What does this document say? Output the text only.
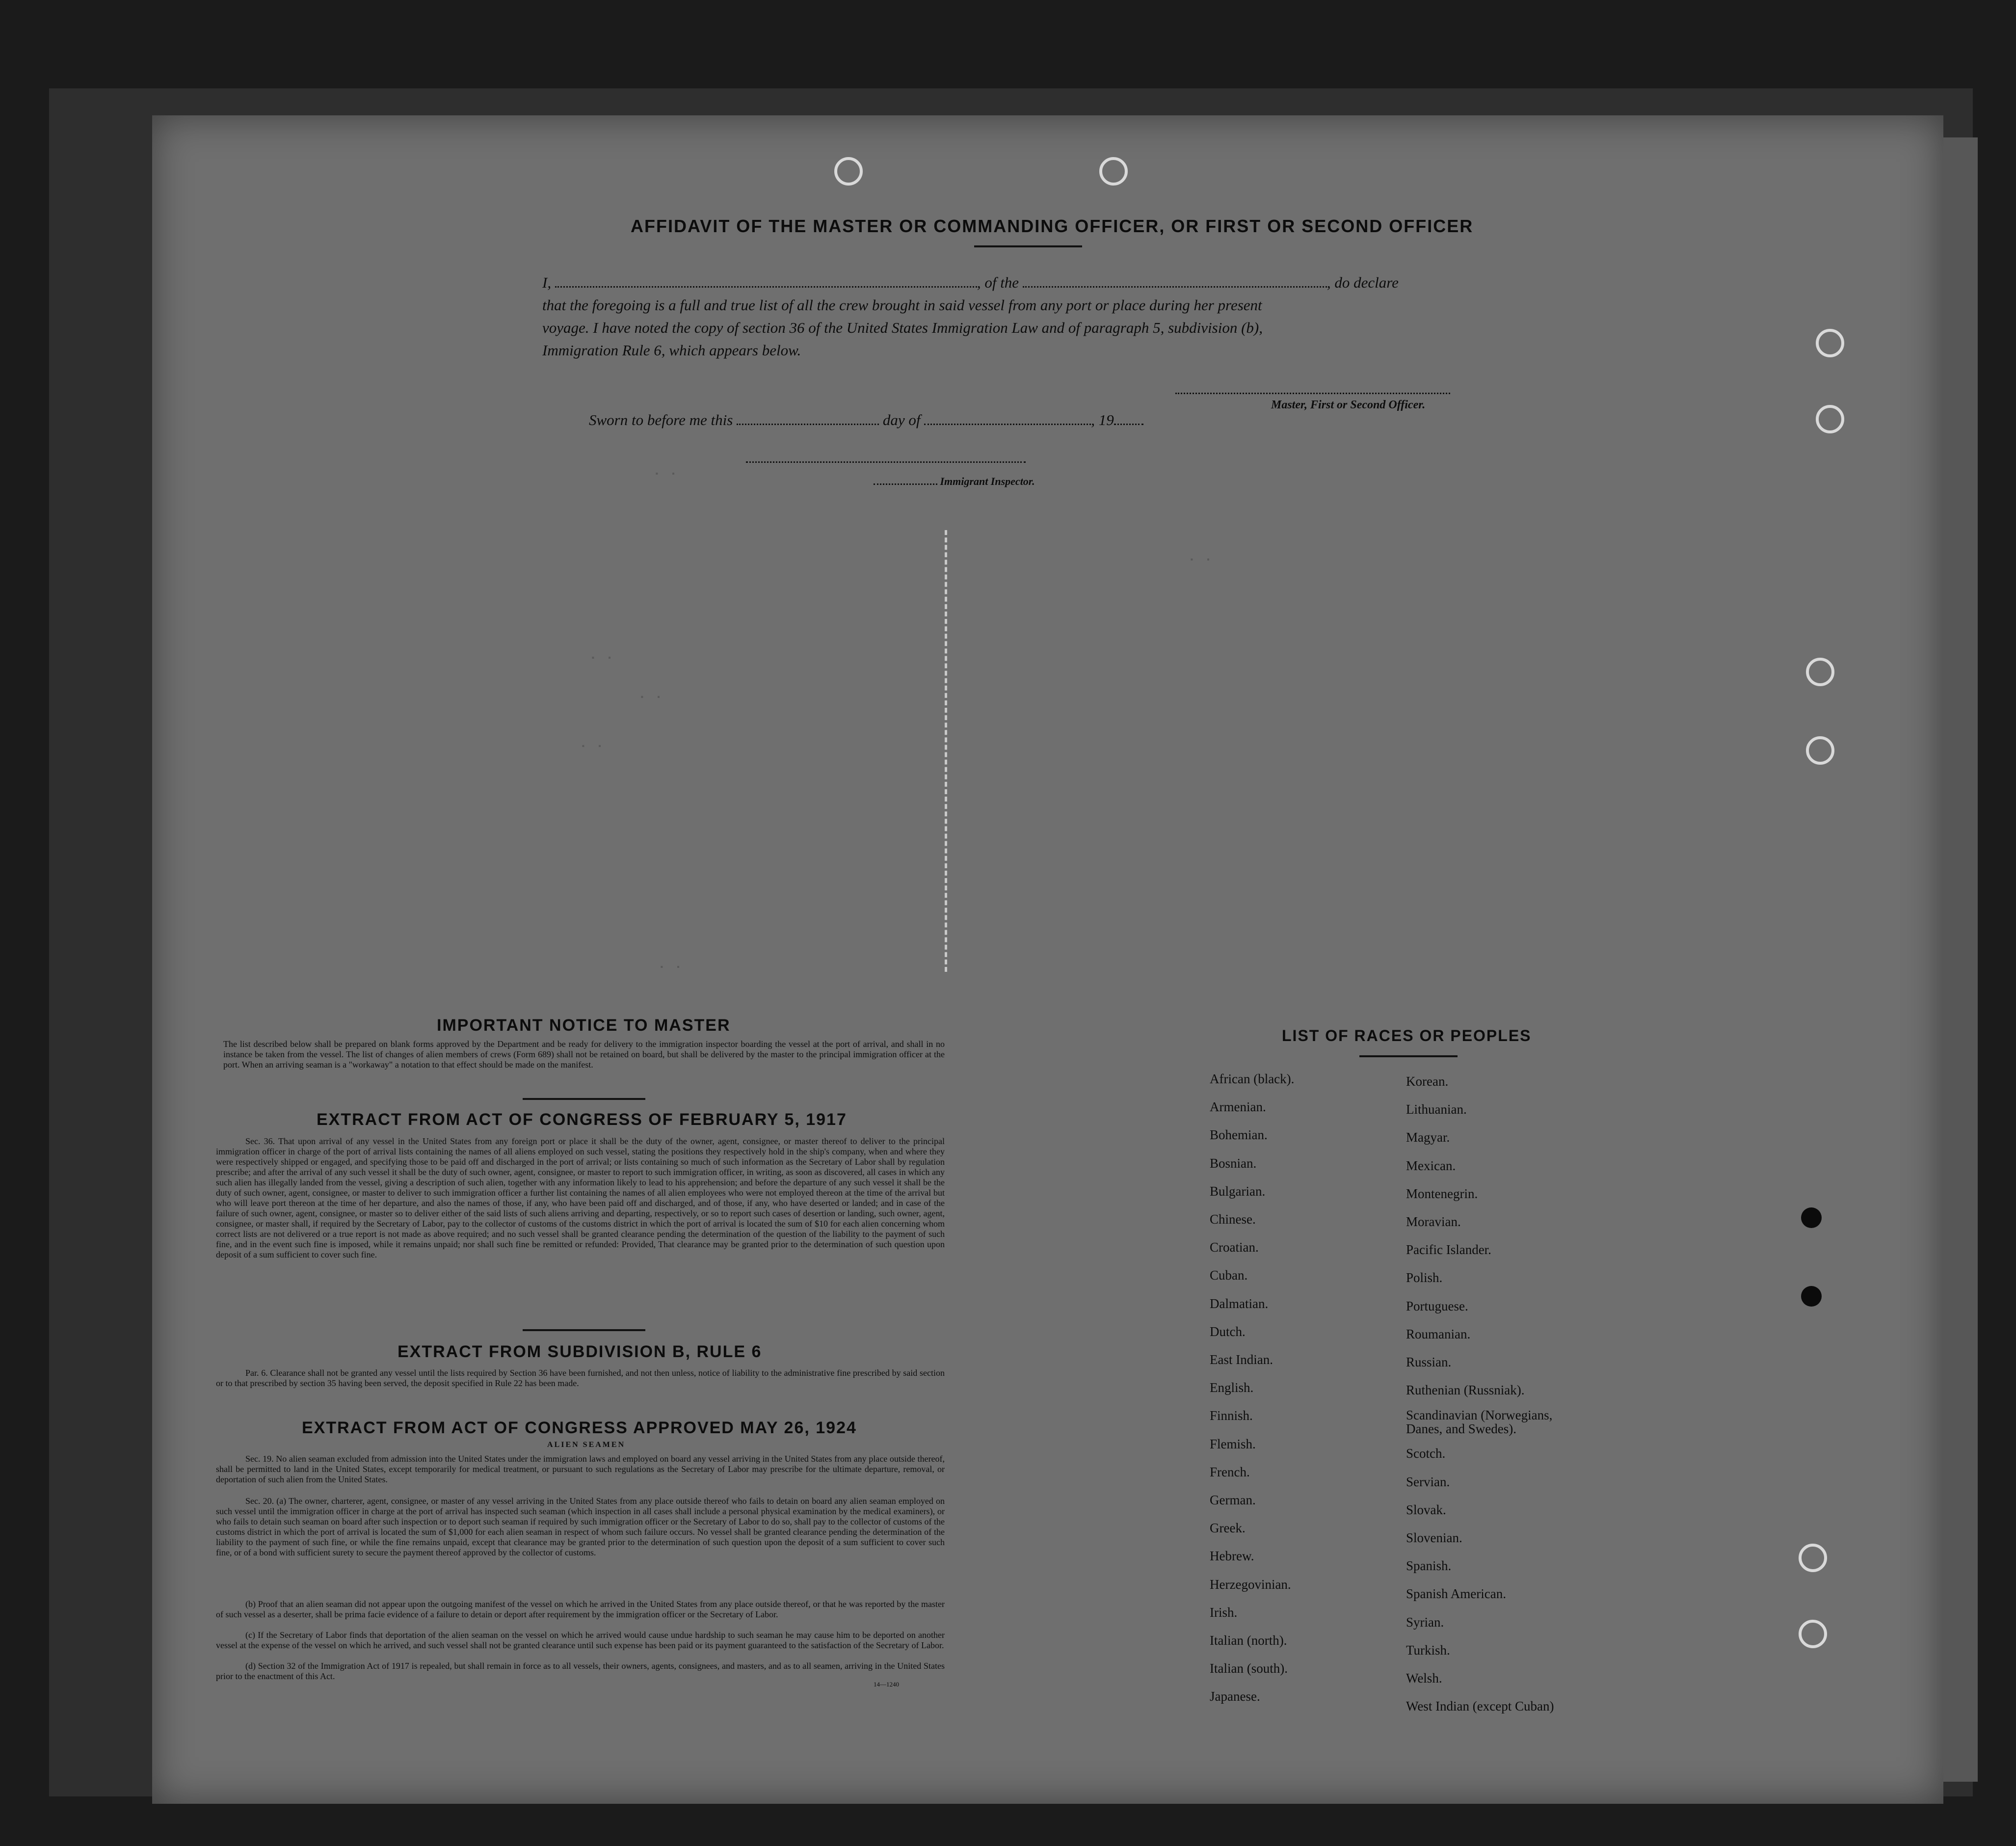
. .
. .
. .
. .
. .
. .
AFFIDAVIT OF THE MASTER OR COMMANDING OFFICER, OR FIRST OR SECOND OFFICER
I,	, of the	, do declare
that the foregoing is a full and true list of all the crew brought in said vessel from any port or place during her present
voyage. I have noted the copy of section 36 of the United States Immigration Law and of paragraph 5, subdivision (b),
Immigration Rule 6, which appears below.
Master, First or Second Officer.
Sworn to before me this	day of	, 19
Immigrant Inspector.
IMPORTANT NOTICE TO MASTER
The list described below shall be prepared on blank forms approved by the Department and be ready for delivery to the immigration inspector boarding the vessel at the port of arrival, and shall in no instance be taken from the vessel. The list of changes of alien members of crews (Form 689) shall not be retained on board, but shall be delivered by the master to the principal immigration officer at the port. When an arriving seaman is a "workaway" a notation to that effect should be made on the manifest.
EXTRACT FROM ACT OF CONGRESS OF FEBRUARY 5, 1917
Sec. 36. That upon arrival of any vessel in the United States from any foreign port or place it shall be the duty of the owner, agent, consignee, or master thereof to deliver to the principal immigration officer in charge of the port of arrival lists containing the names of all aliens employed on such vessel, stating the positions they respectively hold in the ship's company, when and where they were respectively shipped or engaged, and specifying those to be paid off and discharged in the port of arrival; or lists containing so much of such information as the Secretary of Labor shall by regulation prescribe; and after the arrival of any such vessel it shall be the duty of such owner, agent, consignee, or master to report to such immigration officer, in writing, as soon as discovered, all cases in which any such alien has illegally landed from the vessel, giving a description of such alien, together with any information likely to lead to his apprehension; and before the departure of any such vessel it shall be the duty of such owner, agent, consignee, or master to deliver to such immigration officer a further list containing the names of all alien employees who were not employed thereon at the time of the arrival but who will leave port thereon at the time of her departure, and also the names of those, if any, who have been paid off and discharged, and of those, if any, who have deserted or landed; and in case of the failure of such owner, agent, consignee, or master so to deliver either of the said lists of such aliens arriving and departing, respectively, or so to report such cases of desertion or landing, such owner, agent, consignee, or master shall, if required by the Secretary of Labor, pay to the collector of customs of the customs district in which the port of arrival is located the sum of $10 for each alien concerning whom correct lists are not delivered or a true report is not made as above required; and no such vessel shall be granted clearance pending the determination of the question of the liability to the payment of such fine, and in the event such fine is imposed, while it remains unpaid; nor shall such fine be remitted or refunded: Provided, That clearance may be granted prior to the determination of such question upon deposit of a sum sufficient to cover such fine.
EXTRACT FROM SUBDIVISION B, RULE 6
Par. 6. Clearance shall not be granted any vessel until the lists required by Section 36 have been furnished, and not then unless, notice of liability to the administrative fine prescribed by said section or to that prescribed by section 35 having been served, the deposit specified in Rule 22 has been made.
EXTRACT FROM ACT OF CONGRESS APPROVED MAY 26, 1924
ALIEN SEAMEN
Sec. 19. No alien seaman excluded from admission into the United States under the immigration laws and employed on board any vessel arriving in the United States from any place outside thereof, shall be permitted to land in the United States, except temporarily for medical treatment, or pursuant to such regulations as the Secretary of Labor may prescribe for the ultimate departure, removal, or deportation of such alien from the United States.
Sec. 20. (a) The owner, charterer, agent, consignee, or master of any vessel arriving in the United States from any place outside thereof who fails to detain on board any alien seaman employed on such vessel until the immigration officer in charge at the port of arrival has inspected such seaman (which inspection in all cases shall include a personal physical examination by the medical examiners), or who fails to detain such seaman on board after such inspection or to deport such seaman if required by such immigration officer or the Secretary of Labor to do so, shall pay to the collector of customs of the customs district in which the port of arrival is located the sum of $1,000 for each alien seaman in respect of whom such failure occurs. No vessel shall be granted clearance pending the determination of the liability to the payment of such fine, or while the fine remains unpaid, except that clearance may be granted prior to the determination of such question upon the deposit of a sum sufficient to cover such fine, or of a bond with sufficient surety to secure the payment thereof approved by the collector of customs.
(b) Proof that an alien seaman did not appear upon the outgoing manifest of the vessel on which he arrived in the United States from any place outside thereof, or that he was reported by the master of such vessel as a deserter, shall be prima facie evidence of a failure to detain or deport after requirement by the immigration officer or the Secretary of Labor.
(c) If the Secretary of Labor finds that deportation of the alien seaman on the vessel on which he arrived would cause undue hardship to such seaman he may cause him to be deported on another vessel at the expense of the vessel on which he arrived, and such vessel shall not be granted clearance until such expense has been paid or its payment guaranteed to the satisfaction of the Secretary of Labor.
(d) Section 32 of the Immigration Act of 1917 is repealed, but shall remain in force as to all vessels, their owners, agents, consignees, and masters, and as to all seamen, arriving in the United States prior to the enactment of this Act.
14—1240
LIST OF RACES OR PEOPLES
African (black).
Armenian.
Bohemian.
Bosnian.
Bulgarian.
Chinese.
Croatian.
Cuban.
Dalmatian.
Dutch.
East Indian.
English.
Finnish.
Flemish.
French.
German.
Greek.
Hebrew.
Herzegovinian.
Irish.
Italian (north).
Italian (south).
Japanese.
Korean.
Lithuanian.
Magyar.
Mexican.
Montenegrin.
Moravian.
Pacific Islander.
Polish.
Portuguese.
Roumanian.
Russian.
Ruthenian (Russniak).
Scandinavian (Norwegians, Danes, and Swedes).
Scotch.
Servian.
Slovak.
Slovenian.
Spanish.
Spanish American.
Syrian.
Turkish.
Welsh.
West Indian (except Cuban)
